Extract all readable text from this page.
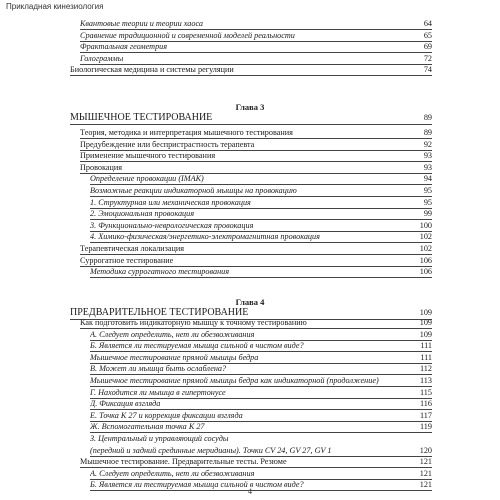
Прикладная кинезиология
Квантовые теории и теории хаоса	64
Сравнение традиционной и современной моделей реальности	65
Фрактальная геометрия	69
Голограммы	72
Биологическая медицина и системы регуляции	74
Глава 3
МЫШЕЧНОЕ ТЕСТИРОВАНИЕ	89
Теория, методика и интерпретация мышечного тестирования	89
Предубеждение или беспристрастность терапевта	92
Применение мышечного тестирования	93
Провокация	93
Определение провокации (IMAK)	94
Возможные реакции индикаторной мышцы на провокацию	95
1. Структурная или механическая провокация	95
2. Эмоциональная провокация	99
3. Функционально-неврологическая провокация	100
4. Химико-физическая/энергетико-электромагнитная провокация	102
Терапевтическая локализация	102
Суррогатное тестирование	106
Методика суррогатного тестирования	106
Глава 4
ПРЕДВАРИТЕЛЬНОЕ ТЕСТИРОВАНИЕ	109
Как подготовить индикаторную мышцу к точному тестированию	109
А. Следует определить, нет ли обезвоживания	109
Б. Является ли тестируемая мышца сильной в чистом виде?	111
Мышечное тестирование прямой мышцы бедра	111
В. Может ли мышца быть ослаблена?	112
Мышечное тестирование прямой мышцы бедра как индикаторной (продолжение)	113
Г. Находится ли мышца в гипертонусе	115
Д. Фиксация взгляда	116
Е. Точка K 27 и коррекция фиксации взгляда	117
Ж. Вспомогательная точка K 27	119
З. Центральный и управляющий сосуды
(передний и задний срединные меридианы). Точки CV 24, GV 27, GV 1	120
Мышечное тестирование. Предварительные тесты. Резюме	121
А. Следует определить, нет ли обезвоживания	121
Б. Является ли тестируемая мышца сильной в чистом виде?	121
4
